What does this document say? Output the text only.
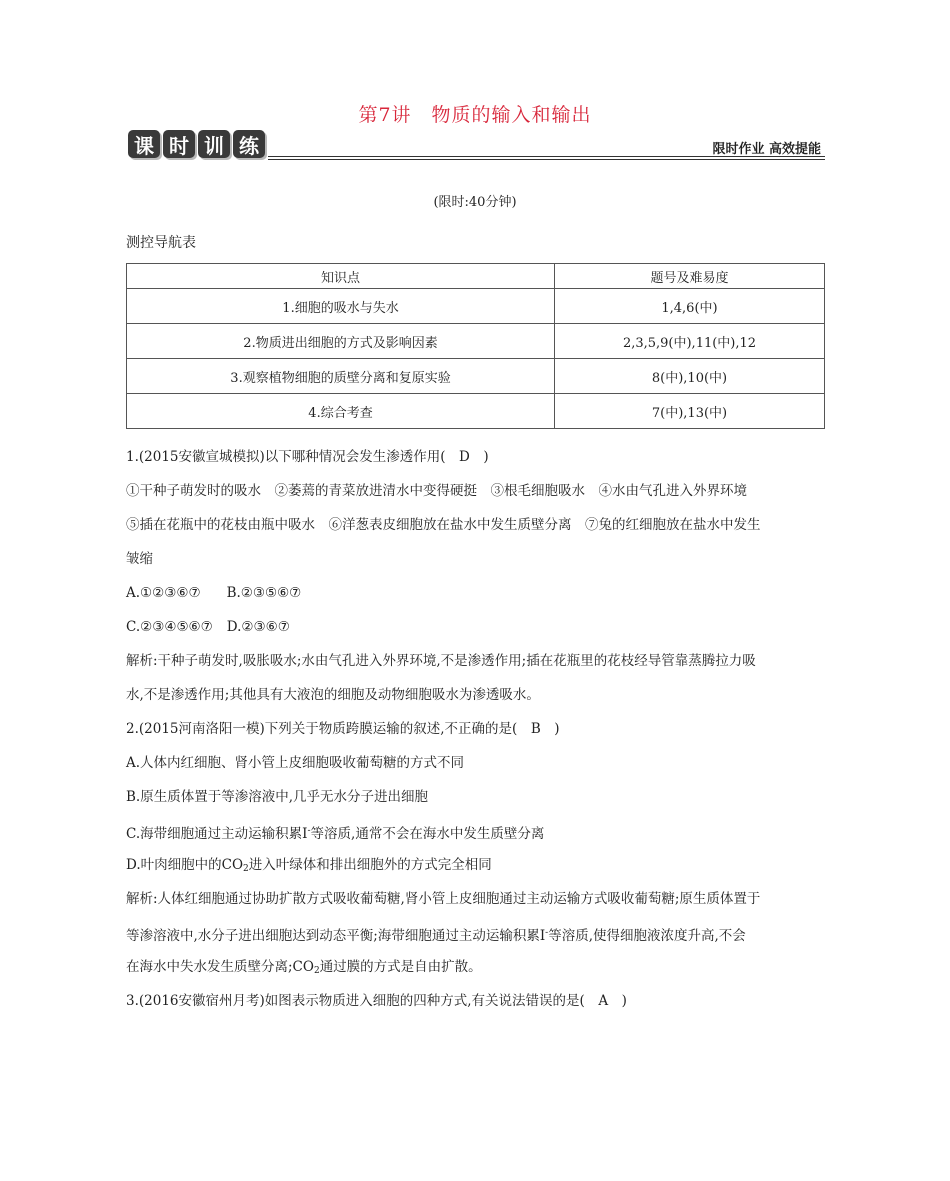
第7讲　物质的输入和输出
课 时 训 练	限时作业 高效提能
(限时:40分钟)
测控导航表
知识点	题号及难易度
1.细胞的吸水与失水	1,4,6(中)
2.物质进出细胞的方式及影响因素	2,3,5,9(中),11(中),12
3.观察植物细胞的质壁分离和复原实验	8(中),10(中)
4.综合考查	7(中),13(中)
1.(2015安徽宣城模拟)以下哪种情况会发生渗透作用(　D　)
①干种子萌发时的吸水　②萎蔫的青菜放进清水中变得硬挺　③根毛细胞吸水　④水由气孔进入外界环境
⑤插在花瓶中的花枝由瓶中吸水　⑥洋葱表皮细胞放在盐水中发生质壁分离　⑦兔的红细胞放在盐水中发生
皱缩
A.①②③⑥⑦ B.②③⑤⑥⑦
C.②③④⑤⑥⑦ D.②③⑥⑦
解析:干种子萌发时,吸胀吸水;水由气孔进入外界环境,不是渗透作用;插在花瓶里的花枝经导管靠蒸腾拉力吸
水,不是渗透作用;其他具有大液泡的细胞及动物细胞吸水为渗透吸水。
2.(2015河南洛阳一模)下列关于物质跨膜运输的叙述,不正确的是(　B　)
A.人体内红细胞、肾小管上皮细胞吸收葡萄糖的方式不同
B.原生质体置于等渗溶液中,几乎无水分子进出细胞
C.海带细胞通过主动运输积累I-等溶质,通常不会在海水中发生质壁分离
D.叶肉细胞中的$CO_2$进入叶绿体和排出细胞外的方式完全相同
解析:人体红细胞通过协助扩散方式吸收葡萄糖,肾小管上皮细胞通过主动运输方式吸收葡萄糖;原生质体置于
等渗溶液中,水分子进出细胞达到动态平衡;海带细胞通过主动运输积累I-等溶质,使得细胞液浓度升高,不会
在海水中失水发生质壁分离$;CO_2$通过膜的方式是自由扩散。
3.(2016安徽宿州月考)如图表示物质进入细胞的四种方式,有关说法错误的是(　A　)
